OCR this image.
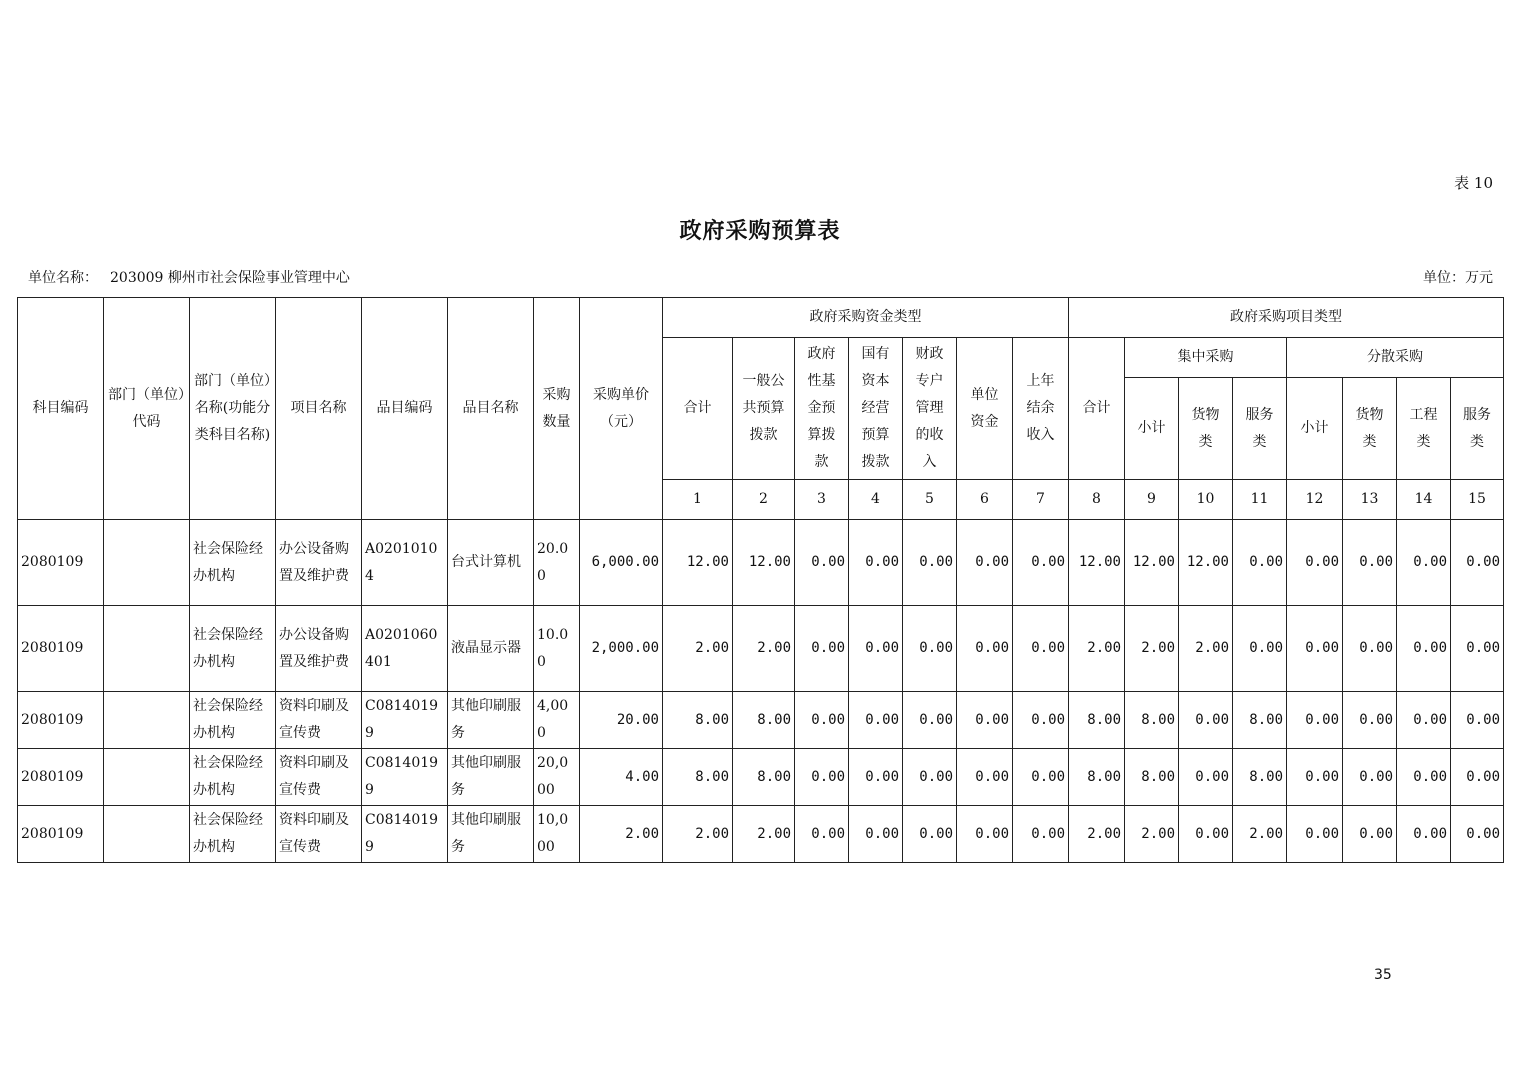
表 10
政府采购预算表
单位名称： 203009 柳州市社会保险事业管理中心	单位：万元
科目编码	部门（单位）代码	部门（单位）名称(功能分类科目名称)	项目名称	品目编码	品目名称	采购数量	采购单价（元）	政府采购资金类型							政府采购项目类型							
								合计	一般公共预算拨款	政府性基金预算拨款	国有资本经营预算拨款	财政专户管理的收入	单位资金	上年结余收入	合计	集中采购			分散采购			
																小计	货物类	服务类	小计	货物类	工程类	服务类
								1	2	3	4	5	6	7	8	9	10	11	12	13	14	15
2080109		社会保险经办机构	办公设备购置及维护费	A02010104	台式计算机	20.00	6,000.00	12.00	12.00	0.00	0.00	0.00	0.00	0.00	12.00	12.00	12.00	0.00	0.00	0.00	0.00	0.00
2080109		社会保险经办机构	办公设备购置及维护费	A0201060401	液晶显示器	10.00	2,000.00	2.00	2.00	0.00	0.00	0.00	0.00	0.00	2.00	2.00	2.00	0.00	0.00	0.00	0.00	0.00
2080109		社会保险经办机构	资料印刷及宣传费	C08140199	其他印刷服务	4,000	20.00	8.00	8.00	0.00	0.00	0.00	0.00	0.00	8.00	8.00	0.00	8.00	0.00	0.00	0.00	0.00
2080109		社会保险经办机构	资料印刷及宣传费	C08140199	其他印刷服务	20,000	4.00	8.00	8.00	0.00	0.00	0.00	0.00	0.00	8.00	8.00	0.00	8.00	0.00	0.00	0.00	0.00
2080109		社会保险经办机构	资料印刷及宣传费	C08140199	其他印刷服务	10,000	2.00	2.00	2.00	0.00	0.00	0.00	0.00	0.00	2.00	2.00	0.00	2.00	0.00	0.00	0.00	0.00
35
